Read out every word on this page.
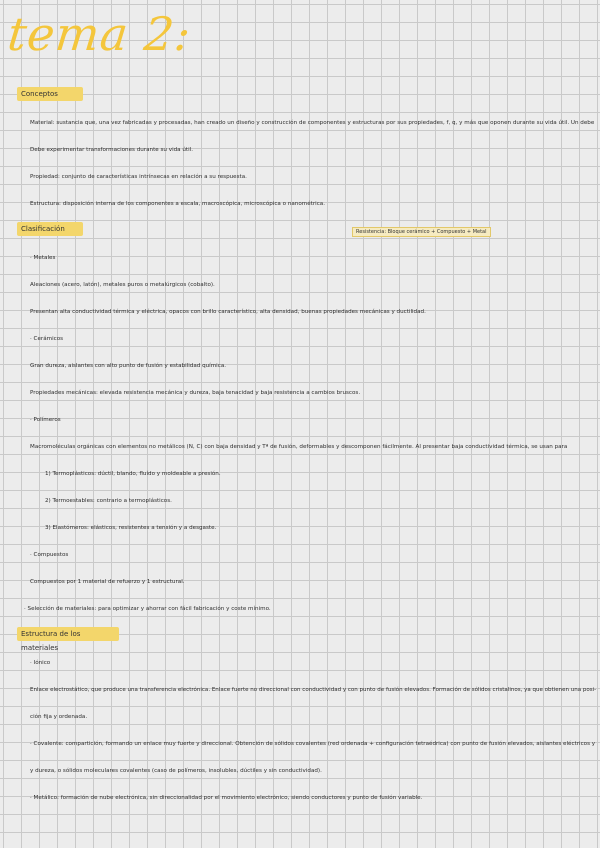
tema 2:
Conceptos
Material: sustancia que, una vez fabricadas y procesadas, han creado un diseño y construcción de componentes y estructuras por sus propiedades, f, q, y más que oponen durante su vida útil. Un debe
Debe experimentar transformaciones durante su vida útil.
Propiedad: conjunto de características intrínsecas en relación a su respuesta.
Estructura: disposición interna de los componentes a escala, macroscópica, microscópica o nanométrica.
Clasificación	Resistencia: Bloque cerámico + Compuesto + Metal
· Metales
Aleaciones (acero, latón), metales puros o metalúrgicos (cobalto).
Presentan alta conductividad térmica y eléctrica, opacos con brillo característico, alta densidad, buenas propiedades mecánicas y ductilidad.
· Cerámicos
Gran dureza, aislantes con alto punto de fusión y estabilidad química.
Propiedades mecánicas: elevada resistencia mecánica y dureza, baja tenacidad y baja resistencia a cambios bruscos.
· Polímeros
Macromoléculas orgánicas con elementos no metálicos (N, C) con baja densidad y Tª de fusión, deformables y descomponen fácilmente. Al presentar baja conductividad térmica, se usan para
1) Termoplásticos: dúctil, blando, fluído y moldeable a presión.
2) Termoestables: contrario a termoplásticos.
3) Elastómeros: elásticos, resistentes a tensión y a desgaste.
· Compuestos
Compuestos por 1 material de refuerzo y 1 estructural.
· Selección de materiales: para optimizar y ahorrar con fácil fabricación y coste mínimo.
Estructura de los materiales
· Iónico
Enlace electrostático, que produce una transferencia electrónica. Enlace fuerte no direccional con conductividad y con punto de fusión elevados. Formación de sólidos cristalinos, ya que obtienen una posi-
ción fija y ordenada.
· Covalente: compartición, formando un enlace muy fuerte y direccional. Obtención de sólidos covalentes (red ordenada + configuración tetraédrica) con punto de fusión elevados, aislantes eléctricos y
y dureza, o sólidos moleculares covalentes (caso de polímeros, insolubles, dúctiles y sin conductividad).
· Metálico: formación de nube electrónica, sin direccionalidad por el movimiento electrónico, siendo conductores y punto de fusión variable.
